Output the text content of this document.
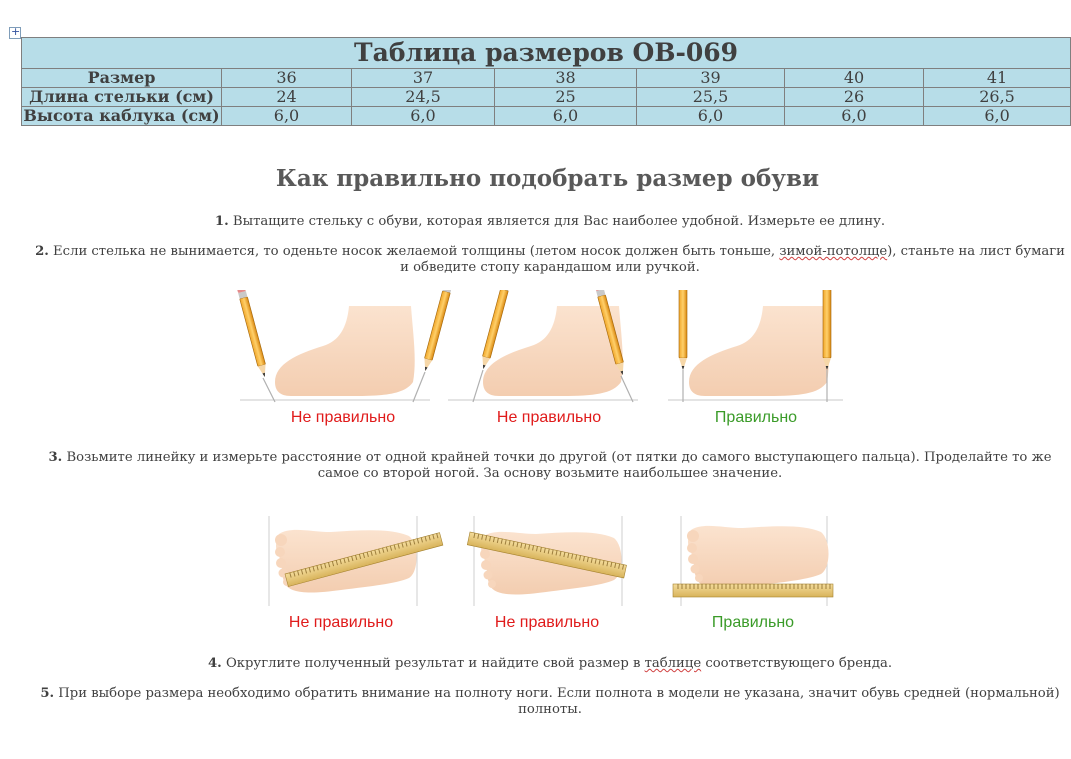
+
Таблица размеров ОВ-069						
Размер	36	37	38	39	40	41
Длина стельки (см)	24	24,5	25	25,5	26	26,5
Высота каблука (см)	6,0	6,0	6,0	6,0	6,0	6,0
Как правильно подобрать размер обуви
1. Вытащите стельку с обуви, которая является для Вас наиболее удобной. Измерьте ее длину.
2. Если стелька не вынимается, то оденьте носок желаемой толщины (летом носок должен быть тоньше, зимой-потолще), станьте на лист бумаги и обведите стопу карандашом или ручкой.
Не правильно	Не правильно	Правильно
3. Возьмите линейку и измерьте расстояние от одной крайней точки до другой (от пятки до самого выступающего пальца). Проделайте то же самое со второй ногой. За основу возьмите наибольшее значение.
Не правильно	Не правильно	Правильно
4. Округлите полученный результат и найдите свой размер в таблице соответствующего бренда.
5. При выборе размера необходимо обратить внимание на полноту ноги. Если полнота в модели не указана, значит обувь средней (нормальной) полноты.
